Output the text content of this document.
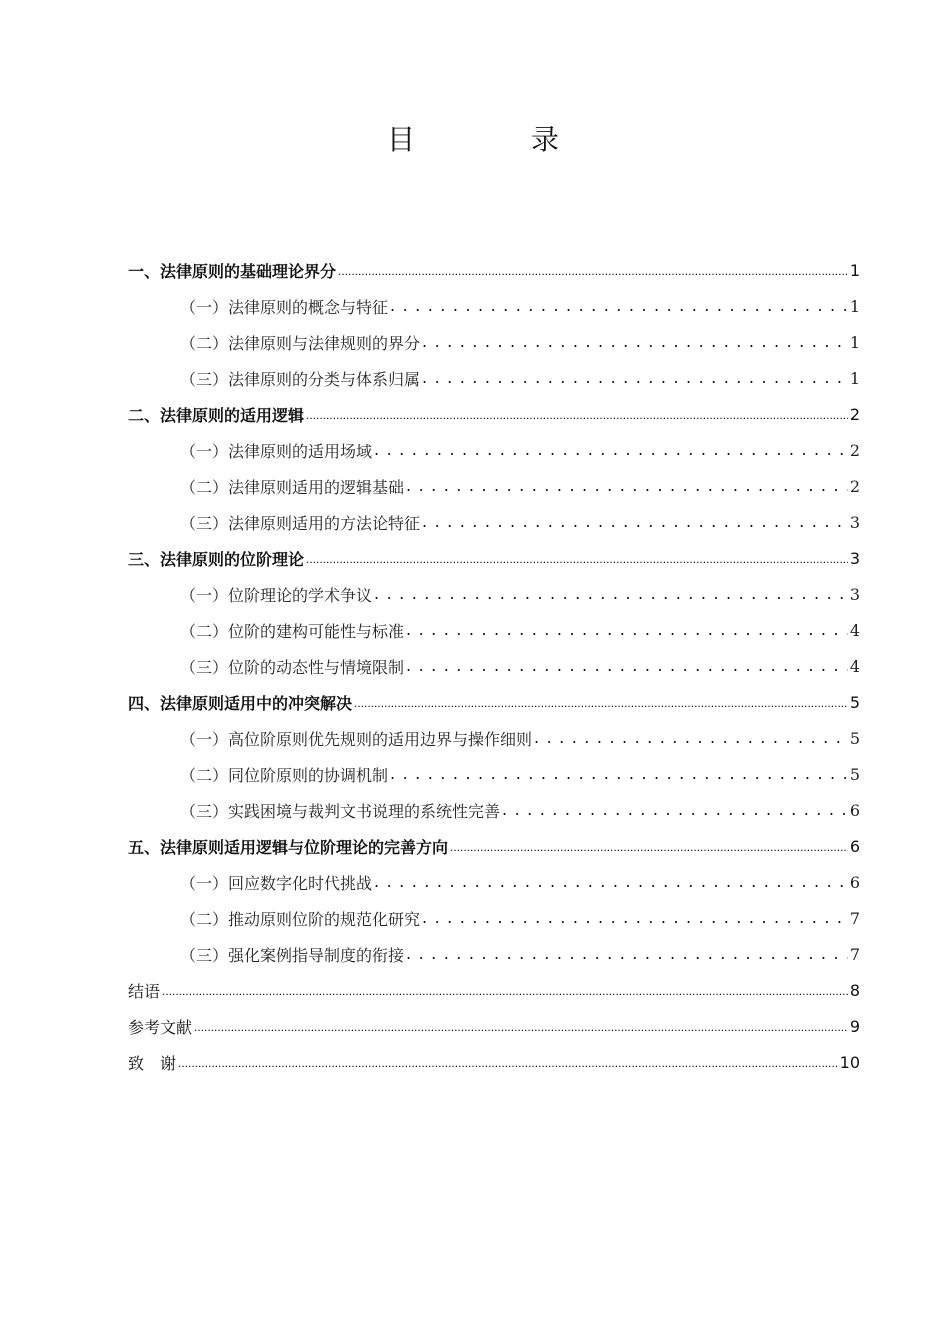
目　录
一、法律原则的基础理论界分 .....	1
（一）法律原则的概念与特征 . . .	1
（二）法律原则与法律规则的界分 . . .	1
（三）法律原则的分类与体系归属 . . .	1
二、法律原则的适用逻辑 .....	2
（一）法律原则的适用场域 . . .	2
（二）法律原则适用的逻辑基础 . . .	2
（三）法律原则适用的方法论特征 . . .	3
三、法律原则的位阶理论 .....	3
（一）位阶理论的学术争议 . . .	3
（二）位阶的建构可能性与标准 . . .	4
（三）位阶的动态性与情境限制 . . .	4
四、法律原则适用中的冲突解决 .....	5
（一）高位阶原则优先规则的适用边界与操作细则 . . .	5
（二）同位阶原则的协调机制 . . .	5
（三）实践困境与裁判文书说理的系统性完善 . . .	6
五、法律原则适用逻辑与位阶理论的完善方向 .....	6
（一）回应数字化时代挑战 . . .	6
（二）推动原则位阶的规范化研究 . . .	7
（三）强化案例指导制度的衔接 . . .	7
结语 .....	8
参考文献 .....	9
致　谢 .....	10
